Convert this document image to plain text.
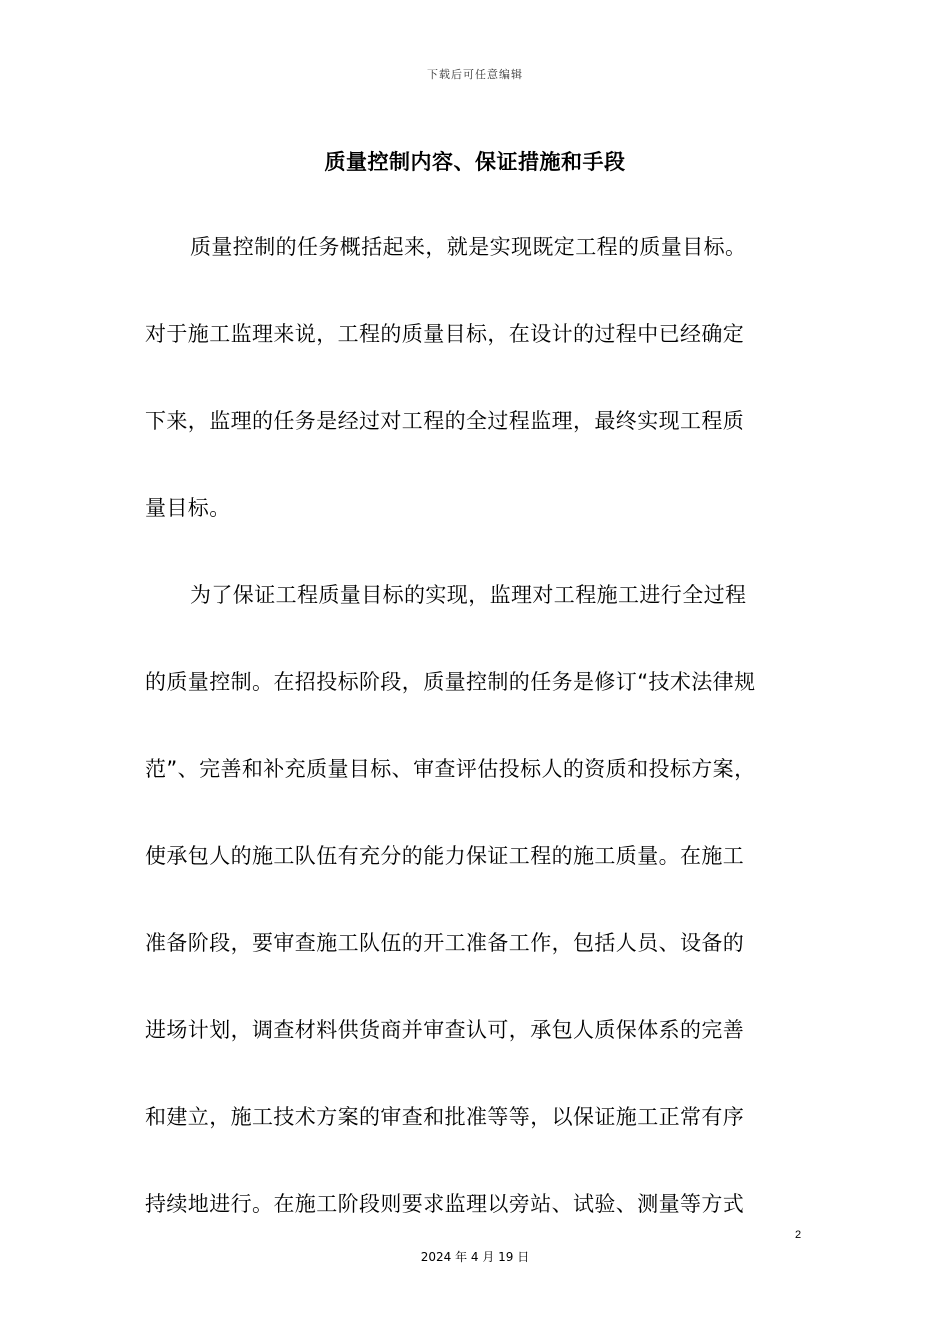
下载后可任意编辑
质量控制内容、保证措施和手段
质量控制的任务概括起来，就是实现既定工程的质量目标。
对于施工监理来说，工程的质量目标，在设计的过程中已经确定
下来，监理的任务是经过对工程的全过程监理，最终实现工程质
量目标。
为了保证工程质量目标的实现，监理对工程施工进行全过程
的质量控制。在招投标阶段，质量控制的任务是修订“技术法律规
范”、完善和补充质量目标、审查评估投标人的资质和投标方案，
使承包人的施工队伍有充分的能力保证工程的施工质量。在施工
准备阶段，要审查施工队伍的开工准备工作，包括人员、设备的
进场计划，调查材料供货商并审查认可，承包人质保体系的完善
和建立，施工技术方案的审查和批准等等，以保证施工正常有序
持续地进行。在施工阶段则要求监理以旁站、试验、测量等方式
2
2024 年 4 月 19 日
